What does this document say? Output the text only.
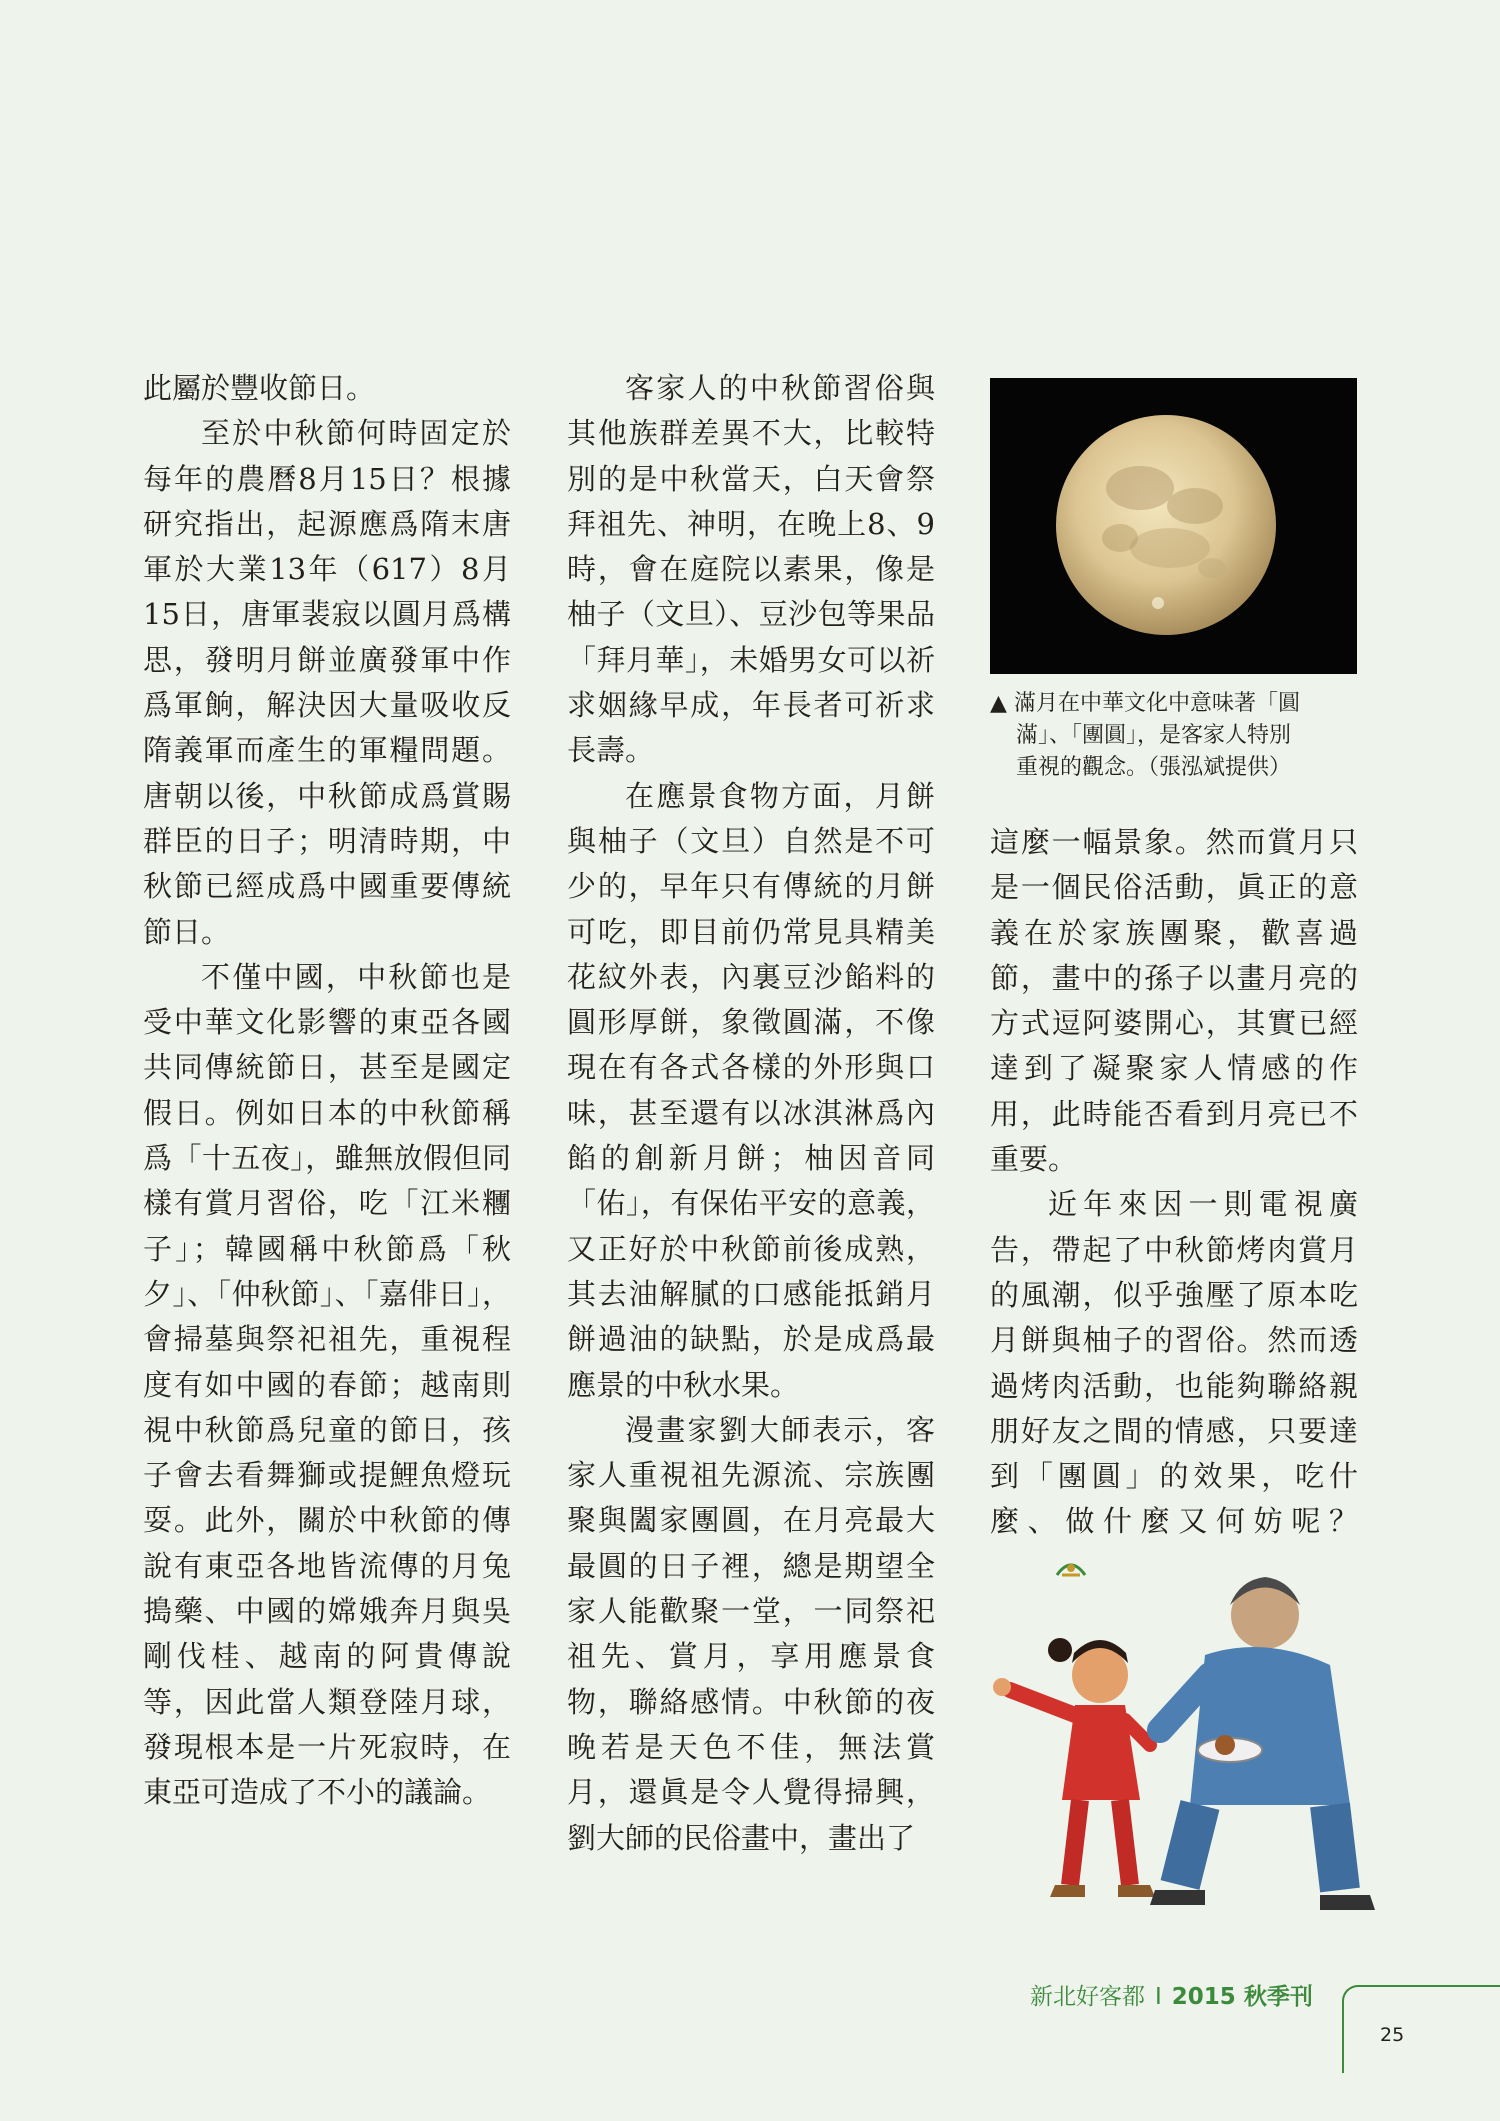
此屬於豐收節日。

至於中秋節何時固定於每年的農曆8月15日？根據研究指出，起源應爲隋末唐軍於大業13年（617）8月15日，唐軍裴寂以圓月爲構思，發明月餅並廣發軍中作爲軍餉，解決因大量吸收反隋義軍而產生的軍糧問題。唐朝以後，中秋節成爲賞賜群臣的日子；明清時期，中秋節已經成爲中國重要傳統節日。

不僅中國，中秋節也是受中華文化影響的東亞各國共同傳統節日，甚至是國定假日。例如日本的中秋節稱爲「十五夜」，雖無放假但同樣有賞月習俗，吃「江米糰子」；韓國稱中秋節爲「秋夕」、「仲秋節」、「嘉俳日」，會掃墓與祭祀祖先，重視程度有如中國的春節；越南則視中秋節爲兒童的節日，孩子會去看舞獅或提鯉魚燈玩耍。此外，關於中秋節的傳說有東亞各地皆流傳的月兔搗藥、中國的嫦娥奔月與吳剛伐桂、越南的阿貴傳說等，因此當人類登陸月球，發現根本是一片死寂時，在東亞可造成了不小的議論。

客家人的中秋節習俗與其他族群差異不大，比較特別的是中秋當天，白天會祭拜祖先、神明，在晚上8、9時，會在庭院以素果，像是柚子（文旦）、豆沙包等果品「拜月華」，未婚男女可以祈求姻緣早成，年長者可祈求長壽。

在應景食物方面，月餅與柚子（文旦）自然是不可少的，早年只有傳統的月餅可吃，即目前仍常見具精美花紋外表，內裏豆沙餡料的圓形厚餅，象徵圓滿，不像現在有各式各樣的外形與口味，甚至還有以冰淇淋爲內餡的創新月餅；柚因音同「佑」，有保佑平安的意義，又正好於中秋節前後成熟，其去油解膩的口感能抵銷月餅過油的缺點，於是成爲最應景的中秋水果。

漫畫家劉大師表示，客家人重視祖先源流、宗族團聚與闔家團圓，在月亮最大最圓的日子裡，總是期望全家人能歡聚一堂，一同祭祀祖先、賞月，享用應景食物，聯絡感情。中秋節的夜晚若是天色不佳，無法賞月，還眞是令人覺得掃興，劉大師的民俗畫中，畫出了

▲ 滿月在中華文化中意味著「圓
滿」、「團圓」，是客家人特別
重視的觀念。（張泓斌提供）

這麼一幅景象。然而賞月只是一個民俗活動，眞正的意義在於家族團聚，歡喜過節，畫中的孫子以畫月亮的方式逗阿婆開心，其實已經達到了凝聚家人情感的作用，此時能否看到月亮已不重要。

近年來因一則電視廣告，帶起了中秋節烤肉賞月的風潮，似乎強壓了原本吃月餅與柚子的習俗。然而透過烤肉活動，也能夠聯絡親朋好友之間的情感，只要達到「團圓」的效果，吃什麼、做什麼又何妨呢？

新北好客都 I 2015 秋季刊
25
